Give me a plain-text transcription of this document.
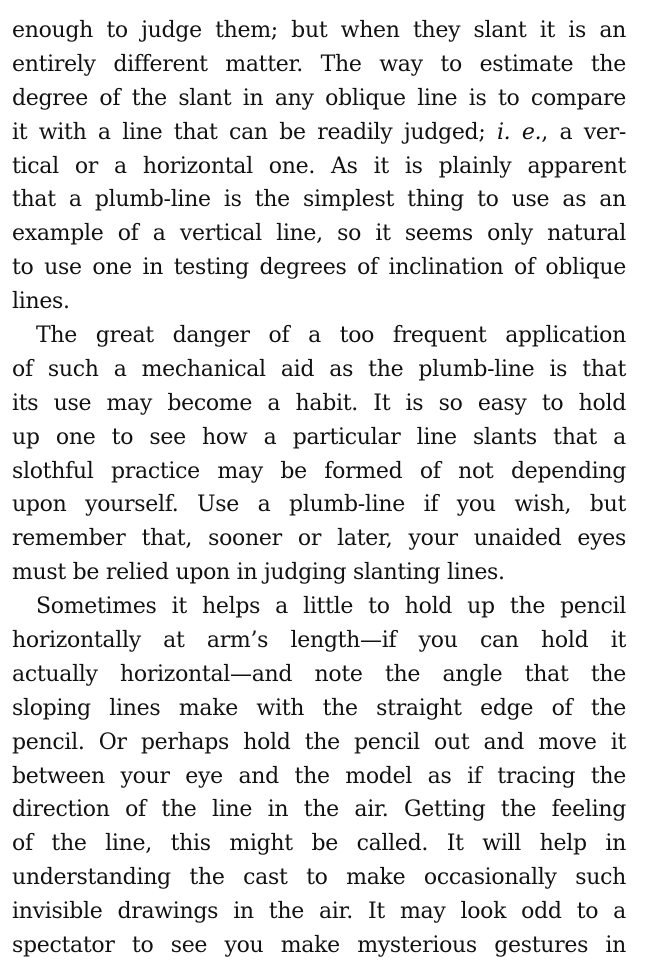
enough to judge them; but when they slant it is an
entirely different matter. The way to estimate the
degree of the slant in any oblique line is to compare
it with a line that can be readily judged; i. e., a ver-
tical or a horizontal one. As it is plainly apparent
that a plumb-line is the simplest thing to use as an
example of a vertical line, so it seems only natural
to use one in testing degrees of inclination of oblique
lines.
The great danger of a too frequent application
of such a mechanical aid as the plumb-line is that
its use may become a habit. It is so easy to hold
up one to see how a particular line slants that a
slothful practice may be formed of not depending
upon yourself. Use a plumb-line if you wish, but
remember that, sooner or later, your unaided eyes
must be relied upon in judging slanting lines.
Sometimes it helps a little to hold up the pencil
horizontally at arm’s length—if you can hold it
actually horizontal—and note the angle that the
sloping lines make with the straight edge of the
pencil. Or perhaps hold the pencil out and move it
between your eye and the model as if tracing the
direction of the line in the air. Getting the feeling
of the line, this might be called. It will help in
understanding the cast to make occasionally such
invisible drawings in the air. It may look odd to a
spectator to see you make mysterious gestures in
